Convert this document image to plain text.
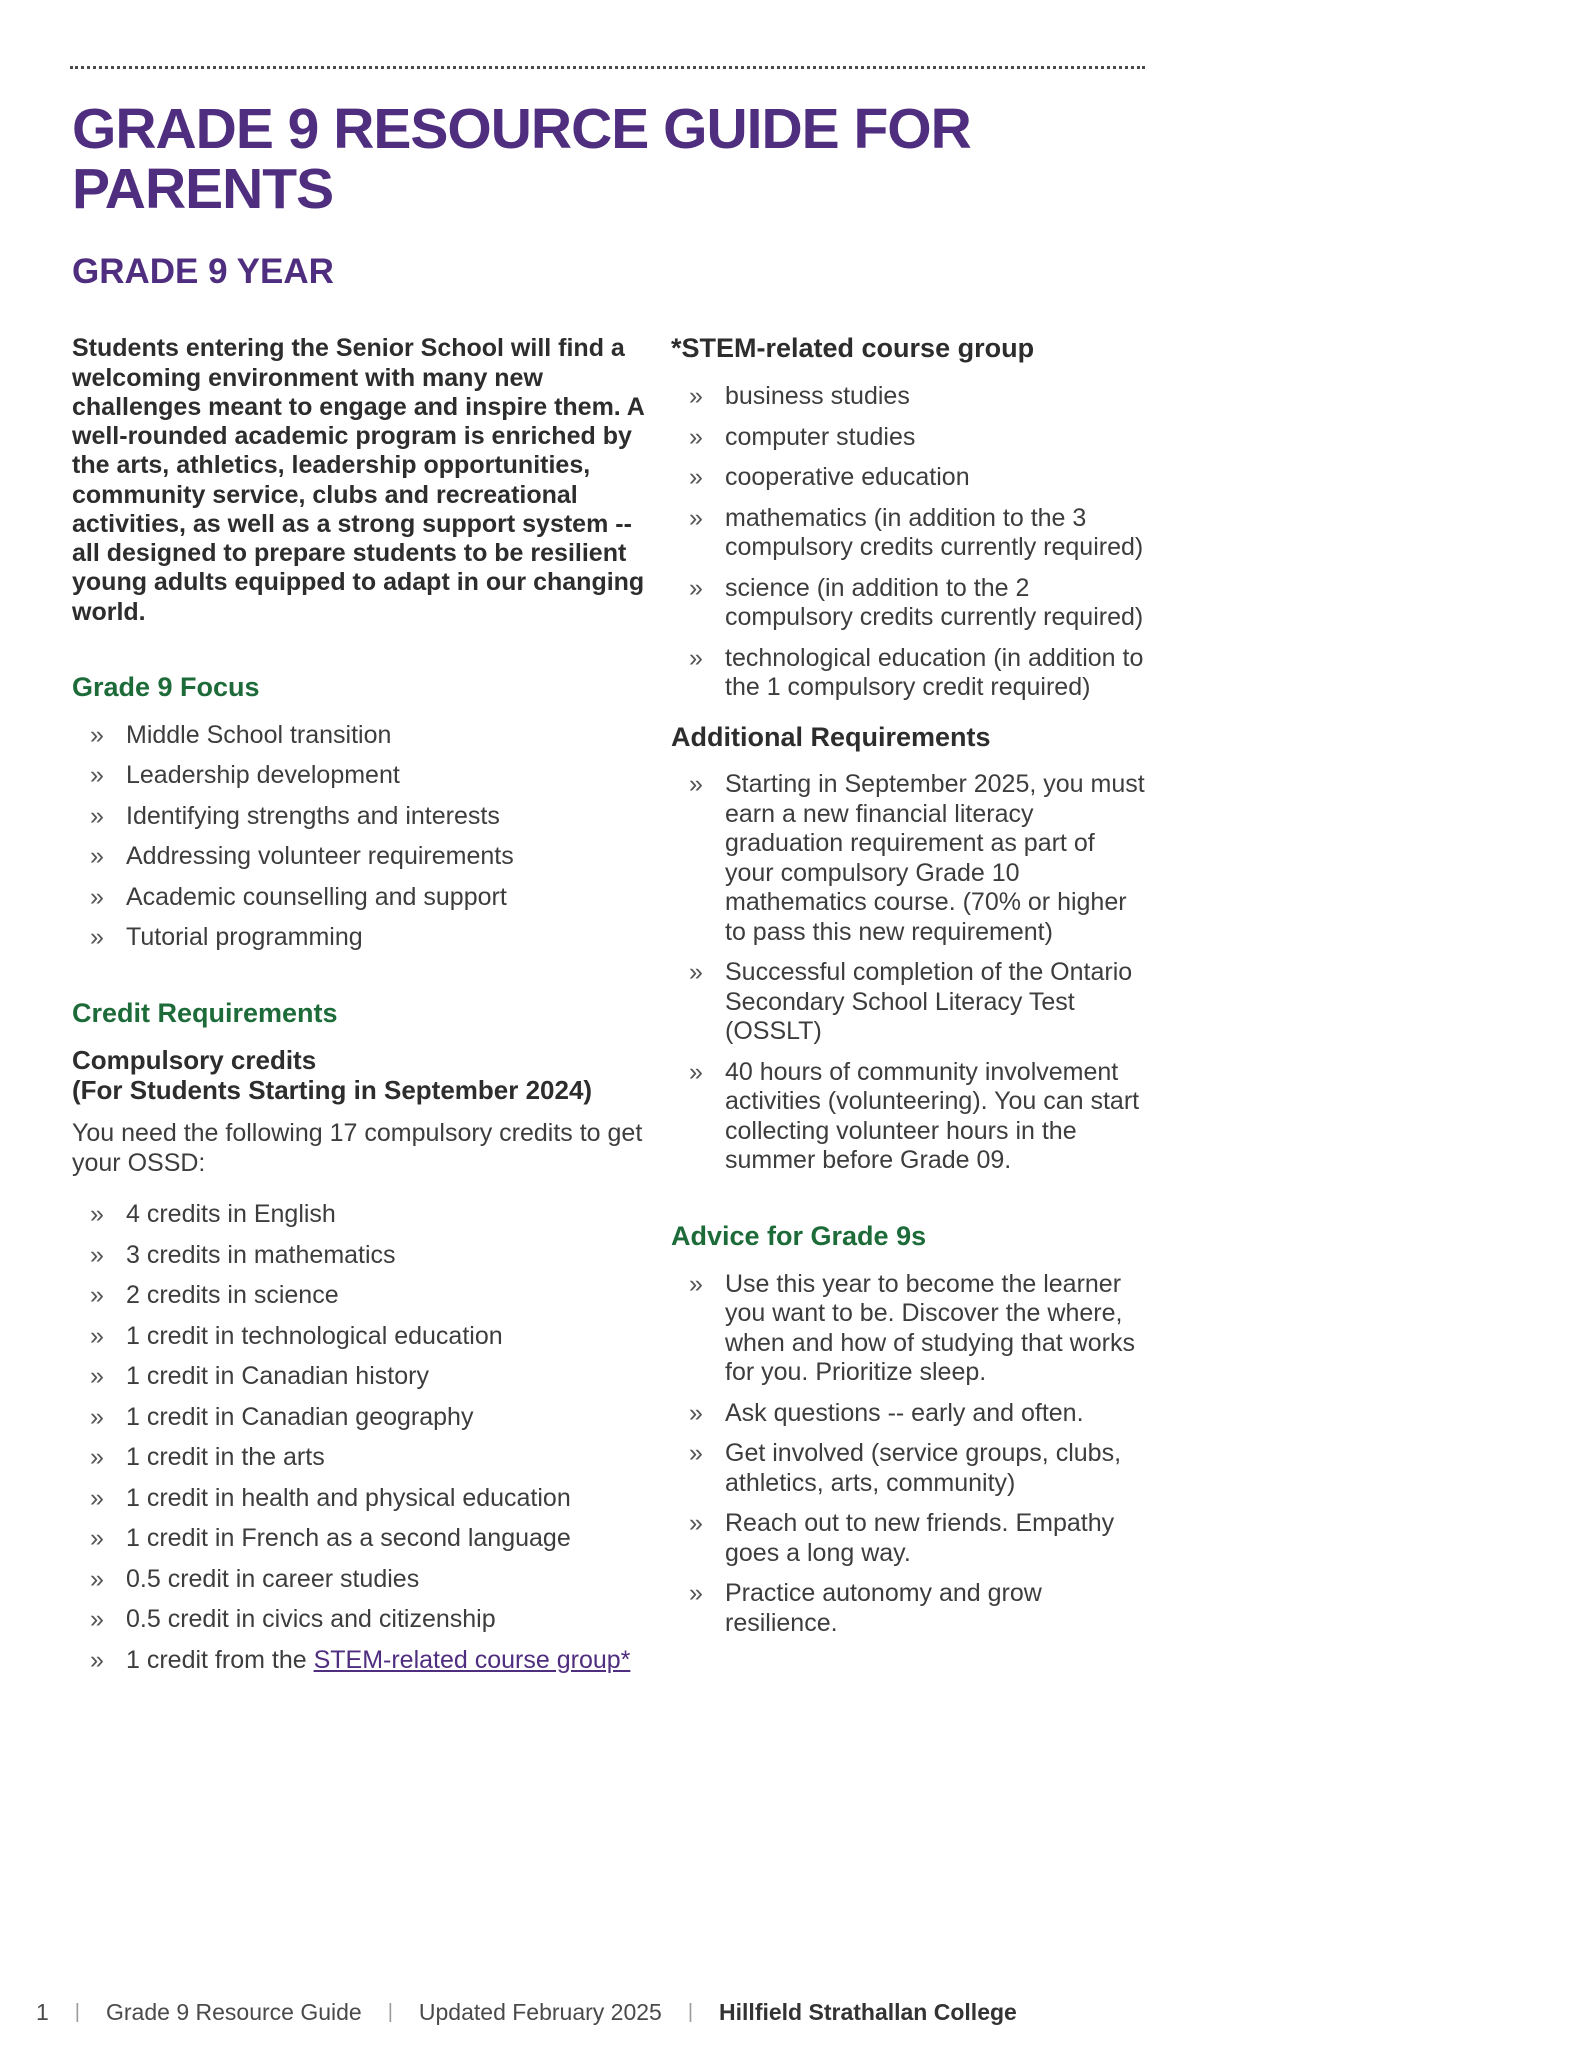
GRADE 9 RESOURCE GUIDE FOR PARENTS
GRADE 9 YEAR

Students entering the Senior School will find a welcoming environment with many new challenges meant to engage and inspire them. A well-rounded academic program is enriched by the arts, athletics, leadership opportunities, community service, clubs and recreational activities, as well as a strong support system -- all designed to prepare students to be resilient young adults equipped to adapt in our changing world.

Grade 9 Focus
» Middle School transition
» Leadership development
» Identifying strengths and interests
» Addressing volunteer requirements
» Academic counselling and support
» Tutorial programming
Credit Requirements

Compulsory credits
(For Students Starting in September 2024)

You need the following 17 compulsory credits to get your OSSD:

» 4 credits in English
» 3 credits in mathematics
» 2 credits in science
» 1 credit in technological education
» 1 credit in Canadian history
» 1 credit in Canadian geography
» 1 credit in the arts
» 1 credit in health and physical education
» 1 credit in French as a second language
» 0.5 credit in career studies
» 0.5 credit in civics and citizenship
» 1 credit from the STEM-related course group*
*STEM-related course group
» business studies
» computer studies
» cooperative education
» mathematics (in addition to the 3 compulsory credits currently required)
» science (in addition to the 2 compulsory credits currently required)
» technological education (in addition to the 1 compulsory credit required)
Additional Requirements
» Starting in September 2025, you must earn a new financial literacy graduation requirement as part of your compulsory Grade 10 mathematics course. (70% or higher to pass this new requirement)
» Successful completion of the Ontario Secondary School Literacy Test (OSSLT)
» 40 hours of community involvement activities (volunteering). You can start collecting volunteer hours in the summer before Grade 09.
Advice for Grade 9s
» Use this year to become the learner you want to be. Discover the where, when and how of studying that works for you. Prioritize sleep.
» Ask questions -- early and often.
» Get involved (service groups, clubs, athletics, arts, community)
» Reach out to new friends. Empathy goes a long way.
» Practice autonomy and grow resilience.
1 | Grade 9 Resource Guide | Updated February 2025 | Hillfield Strathallan College
